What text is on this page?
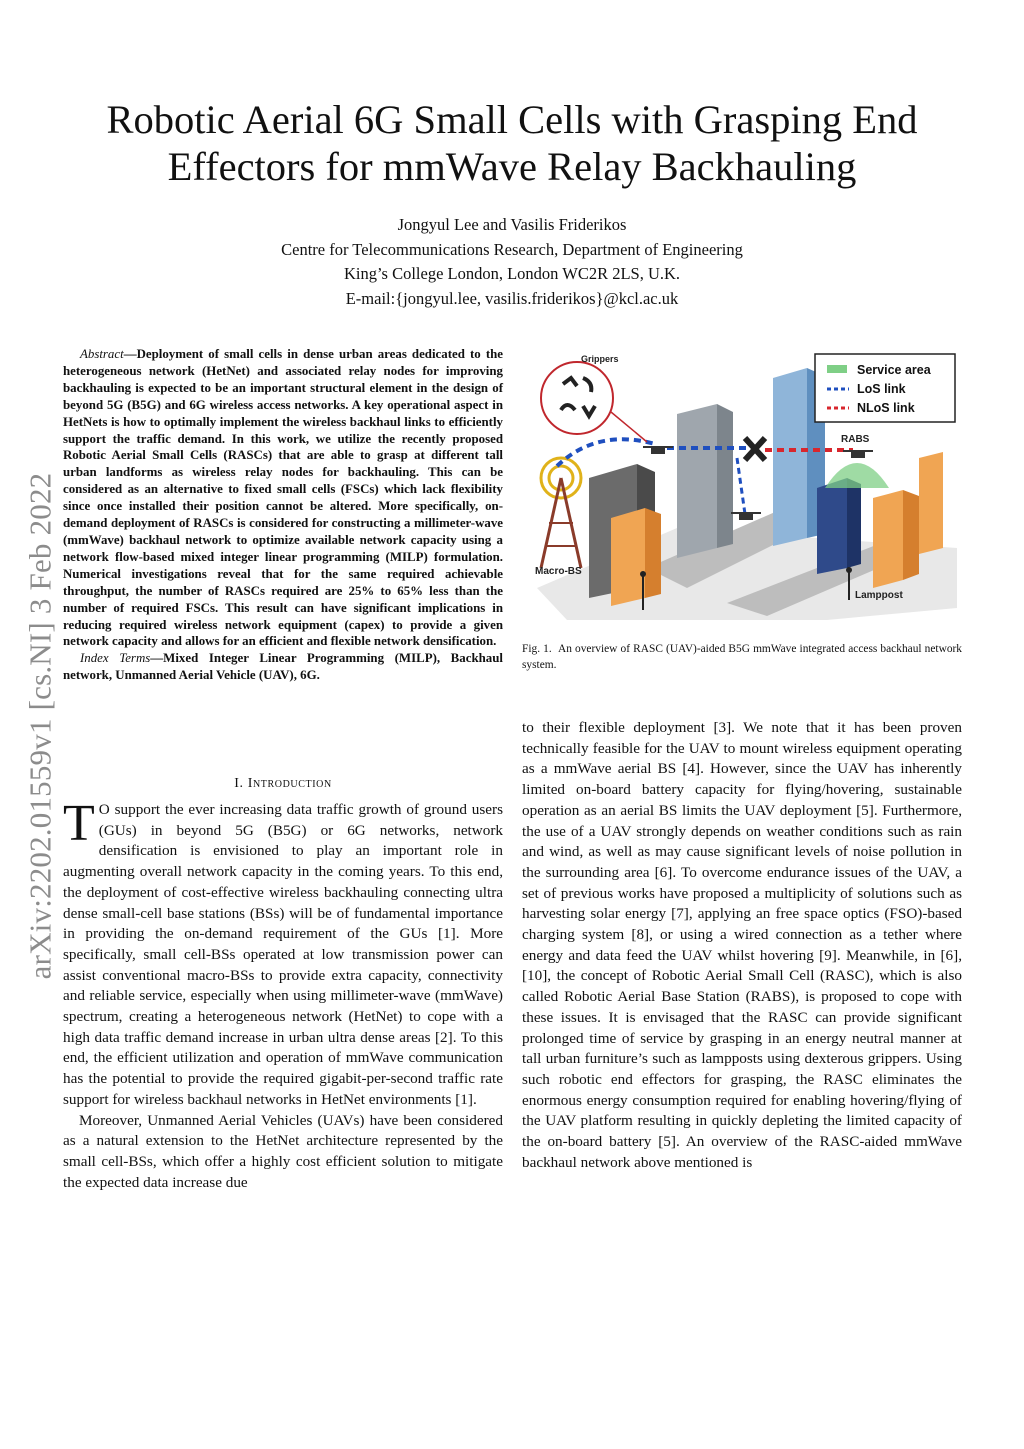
arXiv:2202.01559v1 [cs.NI] 3 Feb 2022
Robotic Aerial 6G Small Cells with Grasping End Effectors for mmWave Relay Backhauling
Jongyul Lee and Vasilis Friderikos
Centre for Telecommunications Research, Department of Engineering
King’s College London, London WC2R 2LS, U.K.
E-mail:{jongyul.lee, vasilis.friderikos}@kcl.ac.uk

Abstract—Deployment of small cells in dense urban areas dedicated to the heterogeneous network (HetNet) and associated relay nodes for improving backhauling is expected to be an important structural element in the design of beyond 5G (B5G) and 6G wireless access networks. A key operational aspect in HetNets is how to optimally implement the wireless backhaul links to efficiently support the traffic demand. In this work, we utilize the recently proposed Robotic Aerial Small Cells (RASCs) that are able to grasp at different tall urban landforms as wireless relay nodes for backhauling. This can be considered as an alternative to fixed small cells (FSCs) which lack flexibility since once installed their position cannot be altered. More specifically, on-demand deployment of RASCs is considered for constructing a millimeter-wave (mmWave) backhaul network to optimize available network capacity using a network flow-based mixed integer linear programming (MILP) formulation. Numerical investigations reveal that for the same required achievable throughput, the number of RASCs required are 25% to 65% less than the number of required FSCs. This result can have significant implications in reducing required wireless network equipment (capex) to provide a given network capacity and allows for an efficient and flexible network densification.

Index Terms—Mixed Integer Linear Programming (MILP), Backhaul network, Unmanned Aerial Vehicle (UAV), 6G.

I. Introduction

T O support the ever increasing data traffic growth of ground users (GUs) in beyond 5G (B5G) or 6G networks, network densification is envisioned to play an important role in augmenting overall network capacity in the coming years. To this end, the deployment of cost-effective wireless backhauling connecting ultra dense small-cell base stations (BSs) will be of fundamental importance in providing the on-demand requirement of the GUs [1]. More specifically, small cell-BSs operated at low transmission power can assist conventional macro-BSs to provide extra capacity, connectivity and reliable service, especially when using millimeter-wave (mmWave) spectrum, creating a heterogeneous network (HetNet) to cope with a high data traffic demand increase in urban ultra dense areas [2]. To this end, the efficient utilization and operation of mmWave communication has the potential to provide the required gigabit-per-second traffic rate support for wireless backhaul networks in HetNet environments [1].

Moreover, Unmanned Aerial Vehicles (UAVs) have been considered as a natural extension to the HetNet architecture represented by the small cell-BSs, which offer a highly cost efficient solution to mitigate the expected data increase due

Grippers
RABS
Macro-BS
Lamppost
Service area
LoS link
NLoS link
Fig. 1. An overview of RASC (UAV)-aided B5G mmWave integrated access backhaul network system.

to their flexible deployment [3]. We note that it has been proven technically feasible for the UAV to mount wireless equipment operating as a mmWave aerial BS [4]. However, since the UAV has inherently limited on-board battery capacity for flying/hovering, sustainable operation as an aerial BS limits the UAV deployment [5]. Furthermore, the use of a UAV strongly depends on weather conditions such as rain and wind, as well as may cause significant levels of noise pollution in the surrounding area [6]. To overcome endurance issues of the UAV, a set of previous works have proposed a multiplicity of solutions such as harvesting solar energy [7], applying an free space optics (FSO)-based charging system [8], or using a wired connection as a tether where energy and data feed the UAV whilst hovering [9]. Meanwhile, in [6], [10], the concept of Robotic Aerial Small Cell (RASC), which is also called Robotic Aerial Base Station (RABS), is proposed to cope with these issues. It is envisaged that the RASC can provide significant prolonged time of service by grasping in an energy neutral manner at tall urban furniture’s such as lampposts using dexterous grippers. Using such robotic end effectors for grasping, the RASC eliminates the enormous energy consumption required for enabling hovering/flying of the UAV platform resulting in quickly depleting the limited capacity of the on-board battery [5]. An overview of the RASC-aided mmWave backhaul network above mentioned is
